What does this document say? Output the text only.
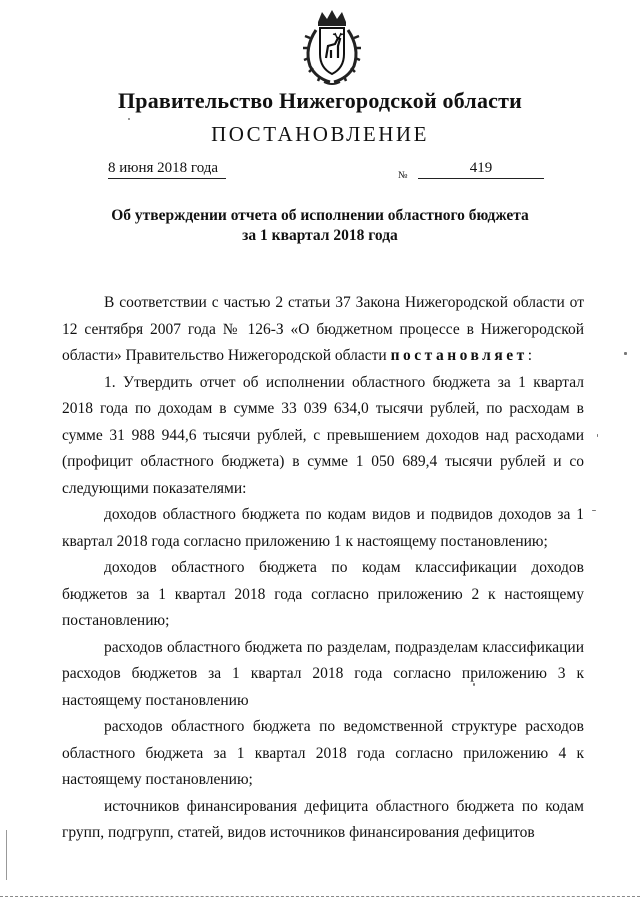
Правительство Нижегородской области
ПОСТАНОВЛЕНИЕ
8 июня 2018 года	№	419
Об утверждении отчета об исполнении областного бюджета
за 1 квартал 2018 года

В соответствии с частью 2 статьи 37 Закона Нижегородской области от 12 сентября 2007 года № 126-З «О бюджетном процессе в Нижегородской области» Правительство Нижегородской области постановляет:

1. Утвердить отчет об исполнении областного бюджета за 1 квартал 2018 года по доходам в сумме 33 039 634,0 тысячи рублей, по расходам в сумме 31 988 944,6 тысячи рублей, с превышением доходов над расходами (профицит областного бюджета) в сумме 1 050 689,4 тысячи рублей и со следующими показателями:

доходов областного бюджета по кодам видов и подвидов доходов за 1 квартал 2018 года согласно приложению 1 к настоящему постановлению;

доходов областного бюджета по кодам классификации доходов бюджетов за 1 квартал 2018 года согласно приложению 2 к настоящему постановлению;

расходов областного бюджета по разделам, подразделам классификации расходов бюджетов за 1 квартал 2018 года согласно приложению 3 к настоящему постановлению

расходов областного бюджета по ведомственной структуре расходов областного бюджета за 1 квартал 2018 года согласно приложению 4 к настоящему постановлению;

источников финансирования дефицита областного бюджета по кодам групп, подгрупп, статей, видов источников финансирования дефицитов
